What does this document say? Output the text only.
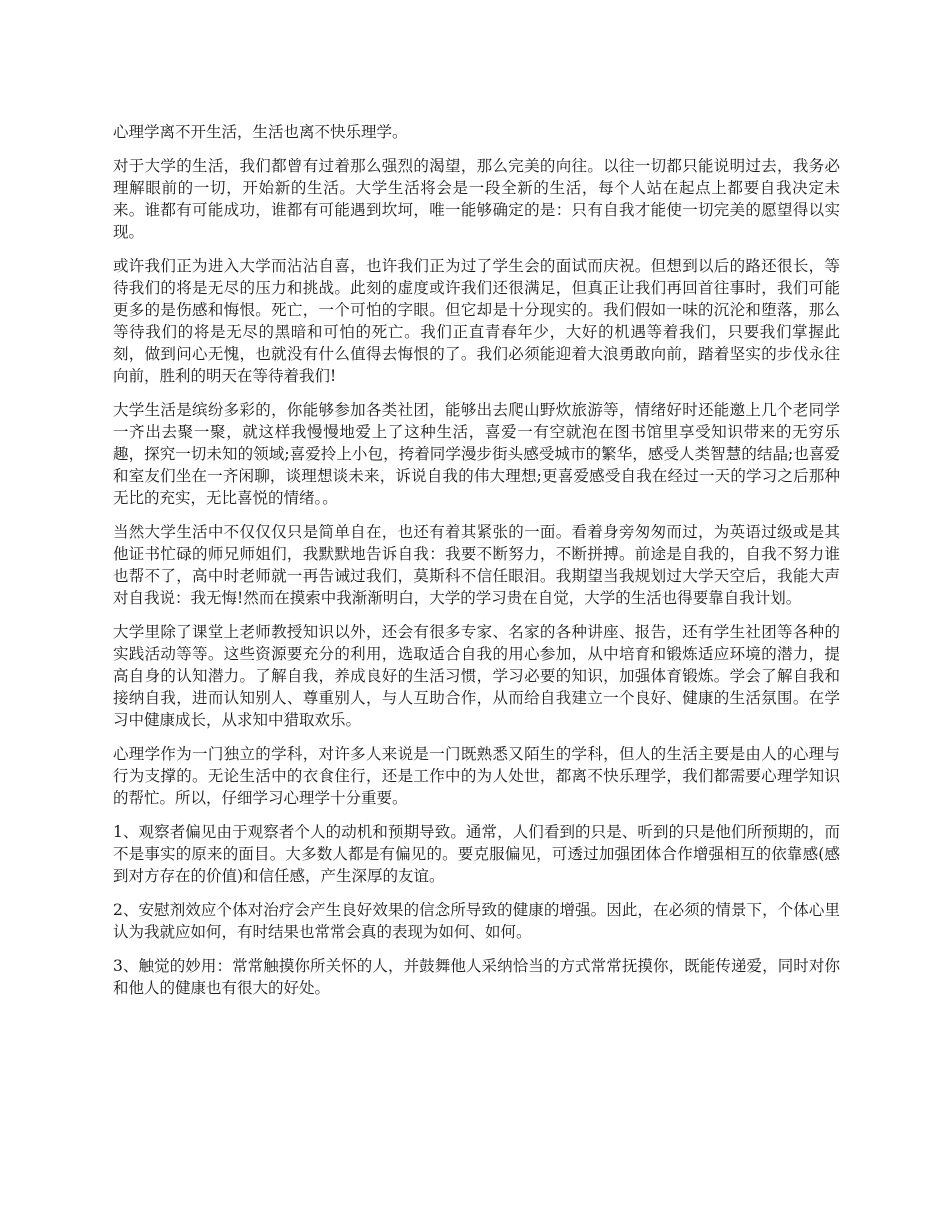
心理学离不开生活，生活也离不快乐理学。

对于大学的生活，我们都曾有过着那么强烈的渴望，那么完美的向往。以往一切都只能说明过去，我务必理解眼前的一切，开始新的生活。大学生活将会是一段全新的生活，每个人站在起点上都要自我决定未来。谁都有可能成功，谁都有可能遇到坎坷，唯一能够确定的是：只有自我才能使一切完美的愿望得以实现。

或许我们正为进入大学而沾沾自喜，也许我们正为过了学生会的面试而庆祝。但想到以后的路还很长，等待我们的将是无尽的压力和挑战。此刻的虚度或许我们还很满足，但真正让我们再回首往事时，我们可能更多的是伤感和悔恨。死亡，一个可怕的字眼。但它却是十分现实的。我们假如一味的沉沦和堕落，那么等待我们的将是无尽的黑暗和可怕的死亡。我们正直青春年少，大好的机遇等着我们，只要我们掌握此刻，做到问心无愧，也就没有什么值得去悔恨的了。我们必须能迎着大浪勇敢向前，踏着坚实的步伐永往向前，胜利的明天在等待着我们!

大学生活是缤纷多彩的，你能够参加各类社团，能够出去爬山野炊旅游等，情绪好时还能邀上几个老同学一齐出去聚一聚，就这样我慢慢地爱上了这种生活，喜爱一有空就泡在图书馆里享受知识带来的无穷乐趣，探究一切未知的领域;喜爱拎上小包，挎着同学漫步街头感受城市的繁华，感受人类智慧的结晶;也喜爱和室友们坐在一齐闲聊，谈理想谈未来，诉说自我的伟大理想;更喜爱感受自我在经过一天的学习之后那种无比的充实，无比喜悦的情绪。。

当然大学生活中不仅仅仅只是简单自在，也还有着其紧张的一面。看着身旁匆匆而过，为英语过级或是其他证书忙碌的师兄师姐们，我默默地告诉自我：我要不断努力，不断拼搏。前途是自我的，自我不努力谁也帮不了，高中时老师就一再告诫过我们，莫斯科不信任眼泪。我期望当我规划过大学天空后，我能大声对自我说：我无悔!然而在摸索中我渐渐明白，大学的学习贵在自觉，大学的生活也得要靠自我计划。

大学里除了课堂上老师教授知识以外，还会有很多专家、名家的各种讲座、报告，还有学生社团等各种的实践活动等等。这些资源要充分的利用，选取适合自我的用心参加，从中培育和锻炼适应环境的潜力，提高自身的认知潜力。了解自我，养成良好的生活习惯，学习必要的知识，加强体育锻炼。学会了解自我和接纳自我，进而认知别人、尊重别人，与人互助合作，从而给自我建立一个良好、健康的生活氛围。在学习中健康成长，从求知中猎取欢乐。

心理学作为一门独立的学科，对许多人来说是一门既熟悉又陌生的学科，但人的生活主要是由人的心理与行为支撑的。无论生活中的衣食住行，还是工作中的为人处世，都离不快乐理学，我们都需要心理学知识的帮忙。所以，仔细学习心理学十分重要。

1、观察者偏见由于观察者个人的动机和预期导致。通常，人们看到的只是、听到的只是他们所预期的，而不是事实的原来的面目。大多数人都是有偏见的。要克服偏见，可透过加强团体合作增强相互的依靠感(感到对方存在的价值)和信任感，产生深厚的友谊。

2、安慰剂效应个体对治疗会产生良好效果的信念所导致的健康的增强。因此，在必须的情景下，个体心里认为我就应如何，有时结果也常常会真的表现为如何、如何。

3、触觉的妙用：常常触摸你所关怀的人，并鼓舞他人采纳恰当的方式常常抚摸你，既能传递爱，同时对你和他人的健康也有很大的好处。
